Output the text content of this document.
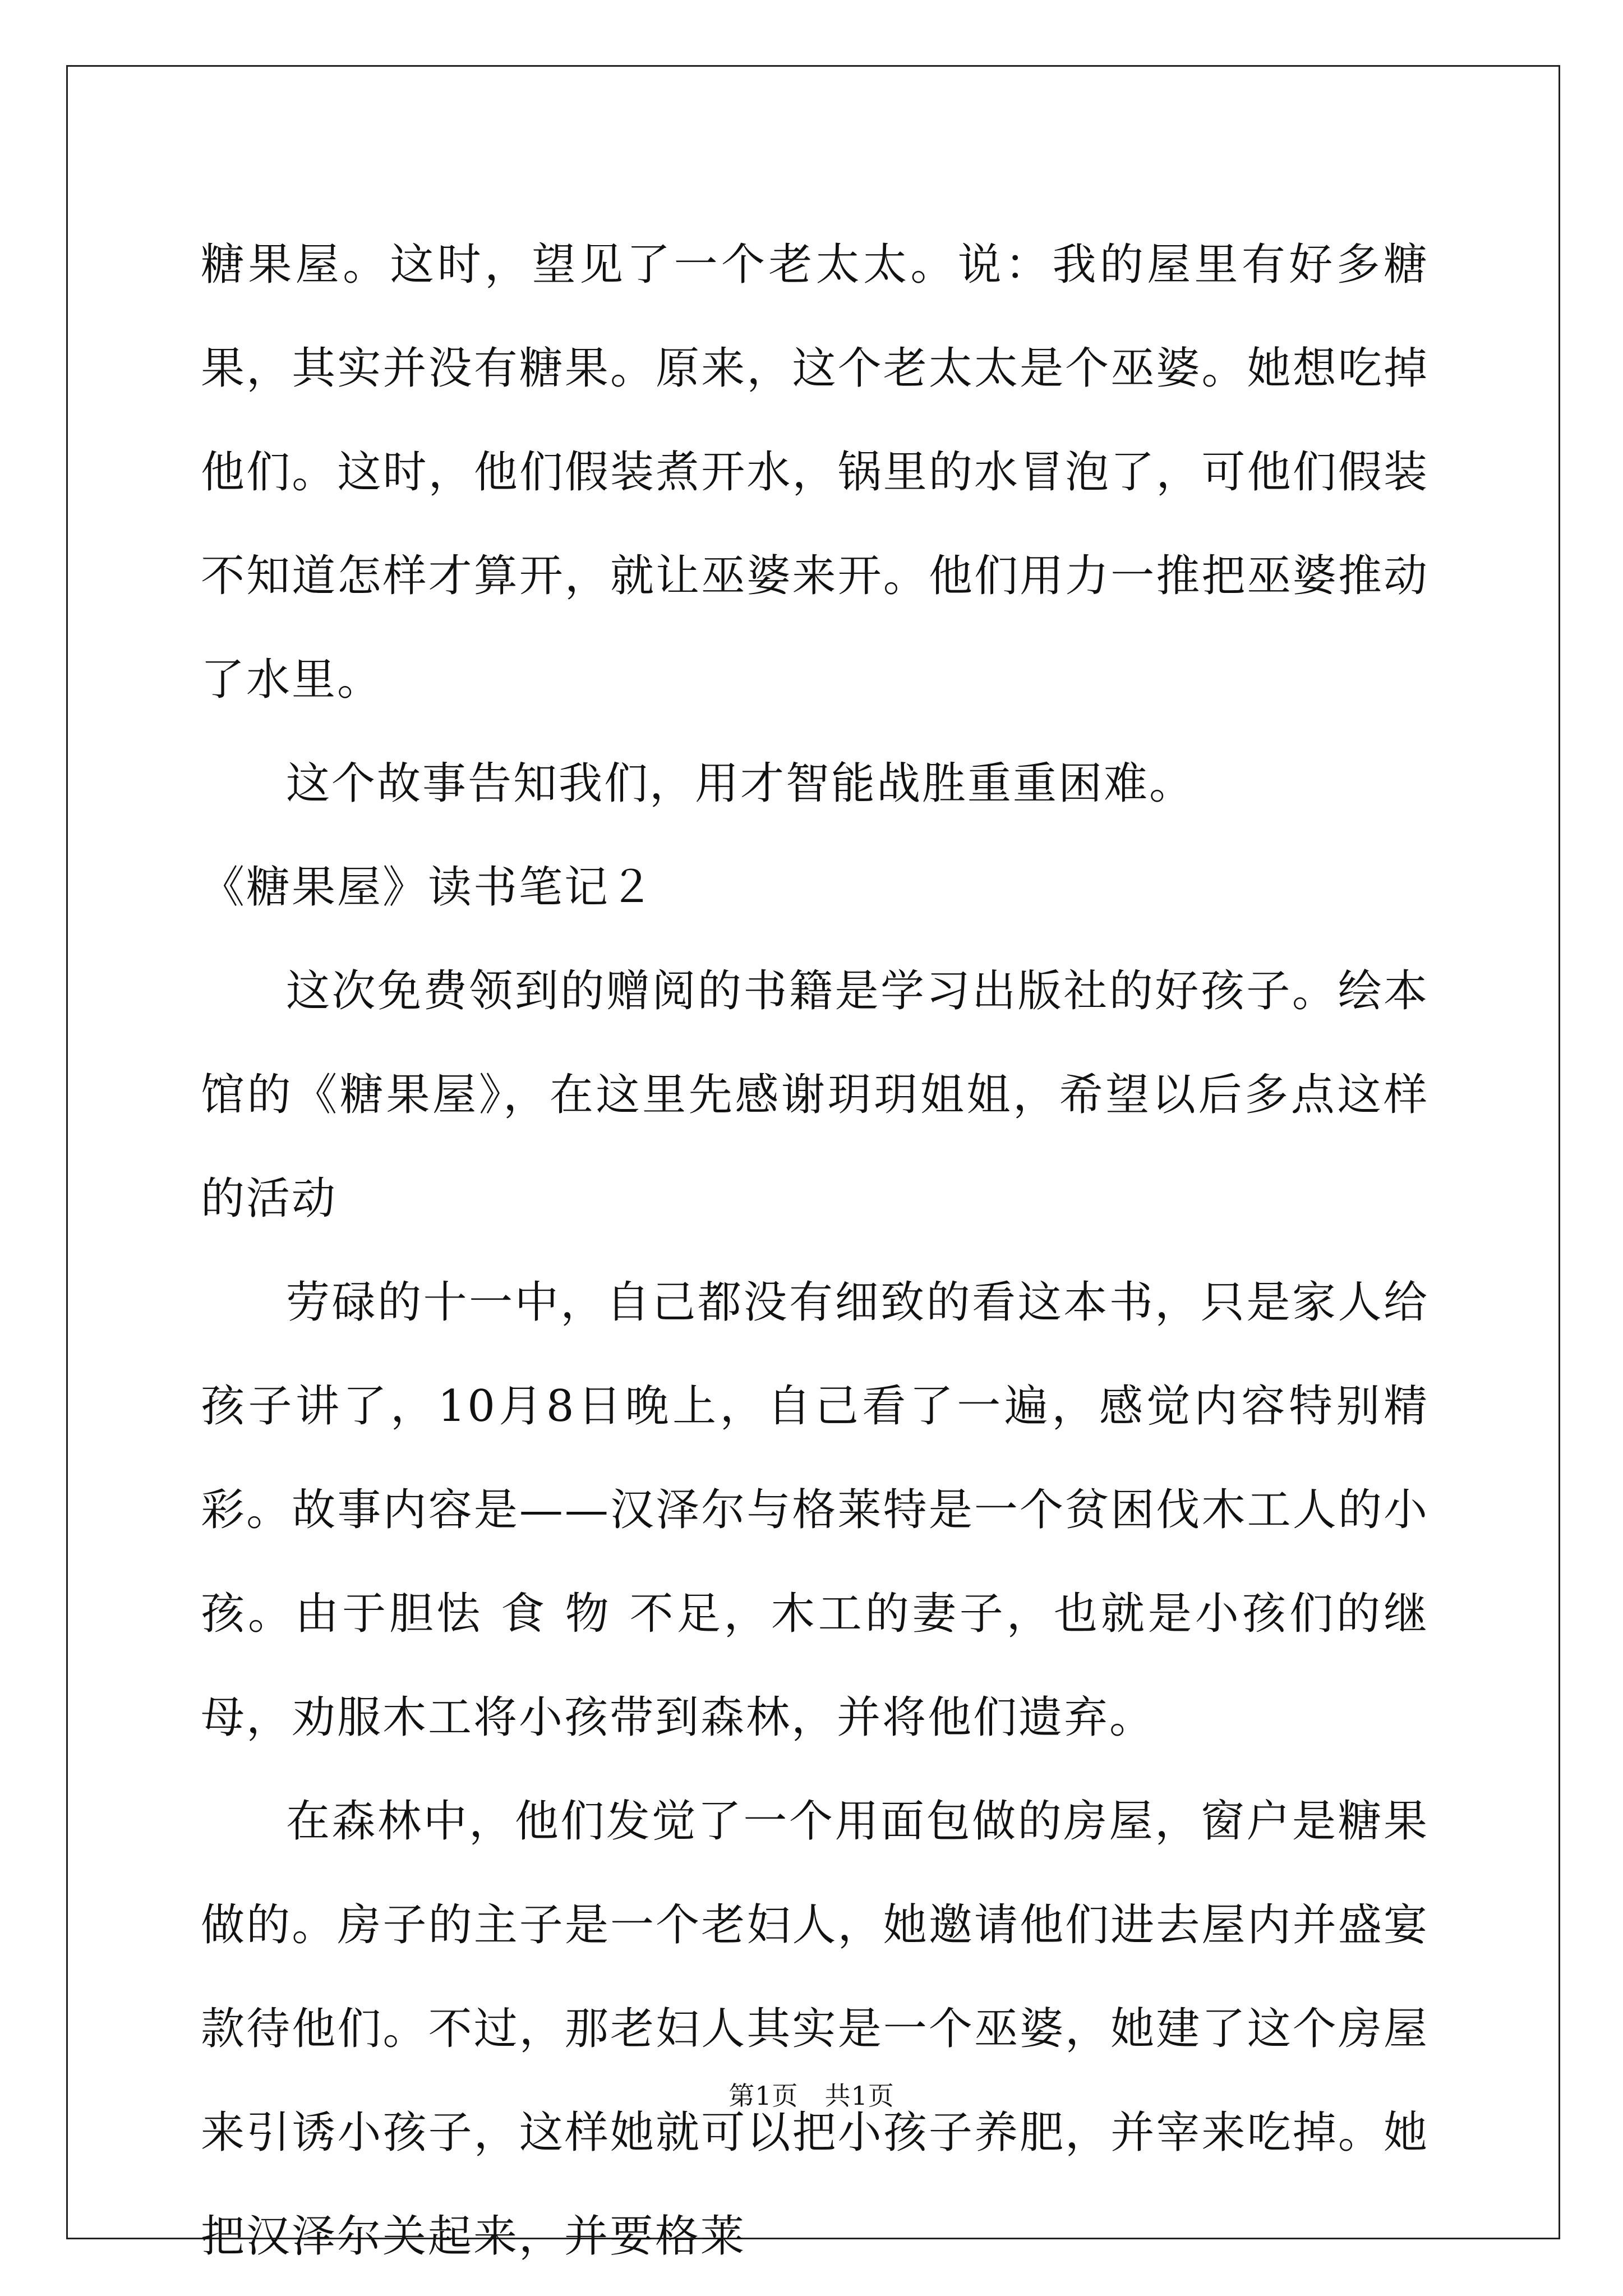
糖果屋。这时，望见了一个老太太。说：我的屋里有好多糖果，其实并没有糖果。原来，这个老太太是个巫婆。她想吃掉他们。这时，他们假装煮开水，锅里的水冒泡了，可他们假装不知道怎样才算开，就让巫婆来开。他们用力一推把巫婆推动了水里。

这个故事告知我们，用才智能战胜重重困难。

《糖果屋》读书笔记２

这次免费领到的赠阅的书籍是学习出版社的好孩子。绘本馆的《糖果屋》，在这里先感谢玥玥姐姐，希望以后多点这样的活动

劳碌的十一中，自己都没有细致的看这本书，只是家人给孩子讲了，10月8日晚上，自己看了一遍，感觉内容特别精彩。故事内容是——汉泽尔与格莱特是一个贫困伐木工人的小孩。由于胆怯 食 物 不足，木工的妻子，也就是小孩们的继母，劝服木工将小孩带到森林，并将他们遗弃。

在森林中，他们发觉了一个用面包做的房屋，窗户是糖果做的。房子的主子是一个老妇人，她邀请他们进去屋内并盛宴款待他们。不过，那老妇人其实是一个巫婆，她建了这个房屋来引诱小孩子，这样她就可以把小孩子养肥，并宰来吃掉。她把汉泽尔关起来，并要格莱

第1页 共1页
